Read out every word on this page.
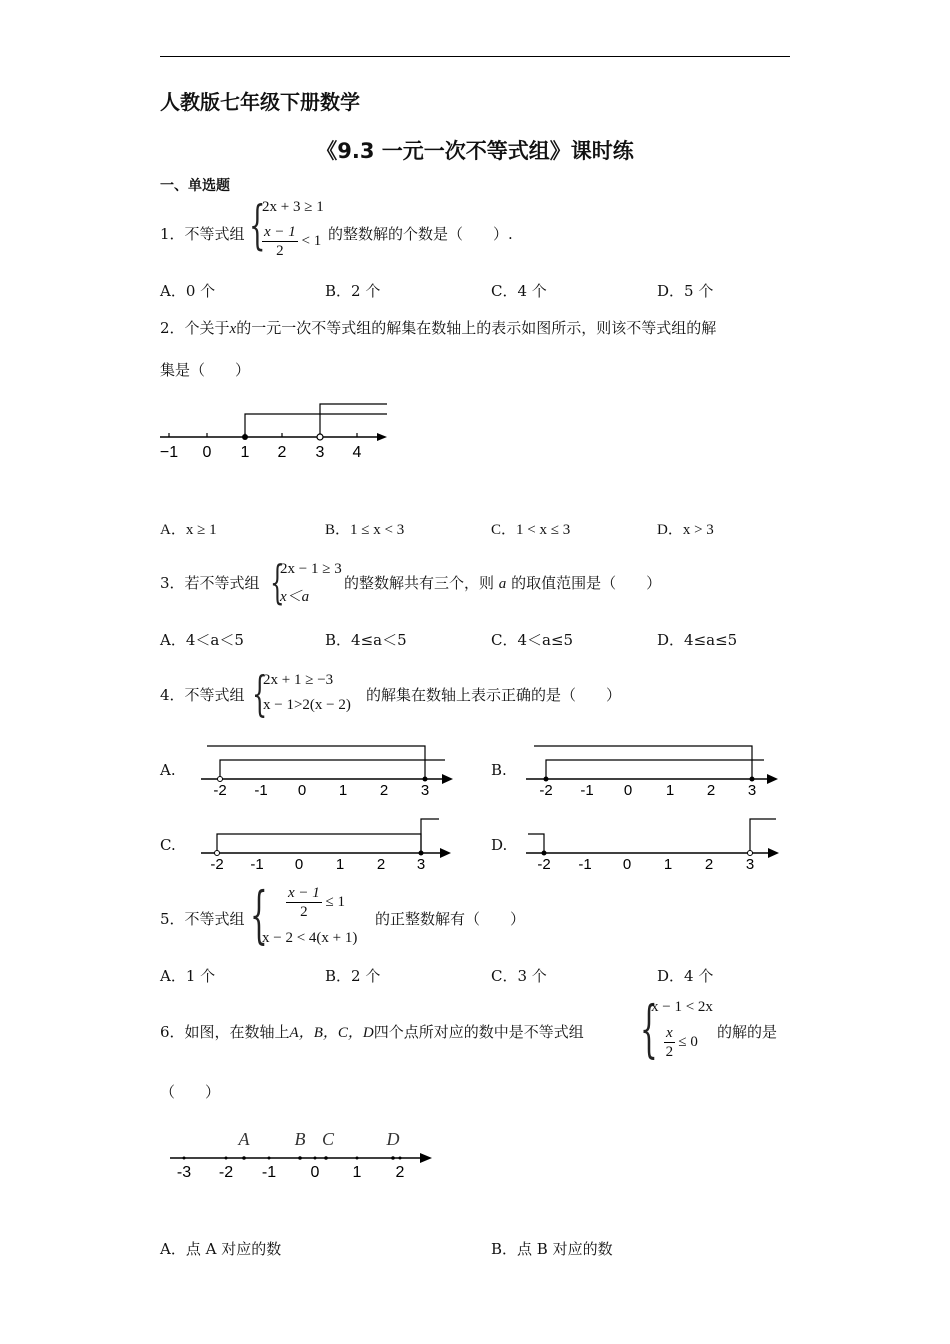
人教版七年级下册数学
《9.3 一元一次不等式组》课时练
一、单选题
1．不等式组 {
2x + 3 ≥ 1
$\frac{x - 1}{2} < 1$ 的整数解的个数是（　　）.
A．0 个	B．2 个	C．4 个	D．5 个
2．个关于x的一元一次不等式组的解集在数轴上的表示如图所示，则该不等式组的解
集是（　　）
−1 0 1 2 3 4
A．x ≥ 1	B．1 ≤ x < 3	C．1 < x ≤ 3	D．x > 3
3．若不等式组 {
2x − 1 ≥ 3
x＜a
的整数解共有三个，则 a 的取值范围是（　　）
A．4＜a＜5	B．4≤a＜5	C．4＜a≤5	D．4≤a≤5
4．不等式组 {
2x + 1 ≥ −3
x − 1>2(x − 2)
的解集在数轴上表示正确的是（　　）
A.
-2 -1 0 1 2 3
B.
-2 -1 0 1 2 3
C.
-2 -1 0 1 2 3
D.
-2 -1 0 1 2 3
5．不等式组 { $\frac{x - 1}{2} \le 1$
x − 2 < 4(x + 1)
的正整数解有（　　）
A．1 个	B．2 个	C．3 个	D．4 个
6．如图，在数轴上A，B，C，D四个点所对应的数中是不等式组 {
x − 1 < 2x
$\frac{x}{2} \le 0$
的解的是
（　　）
A	B C	D
-3 -2 -1 0 1 2
A．点 A 对应的数	B．点 B 对应的数
